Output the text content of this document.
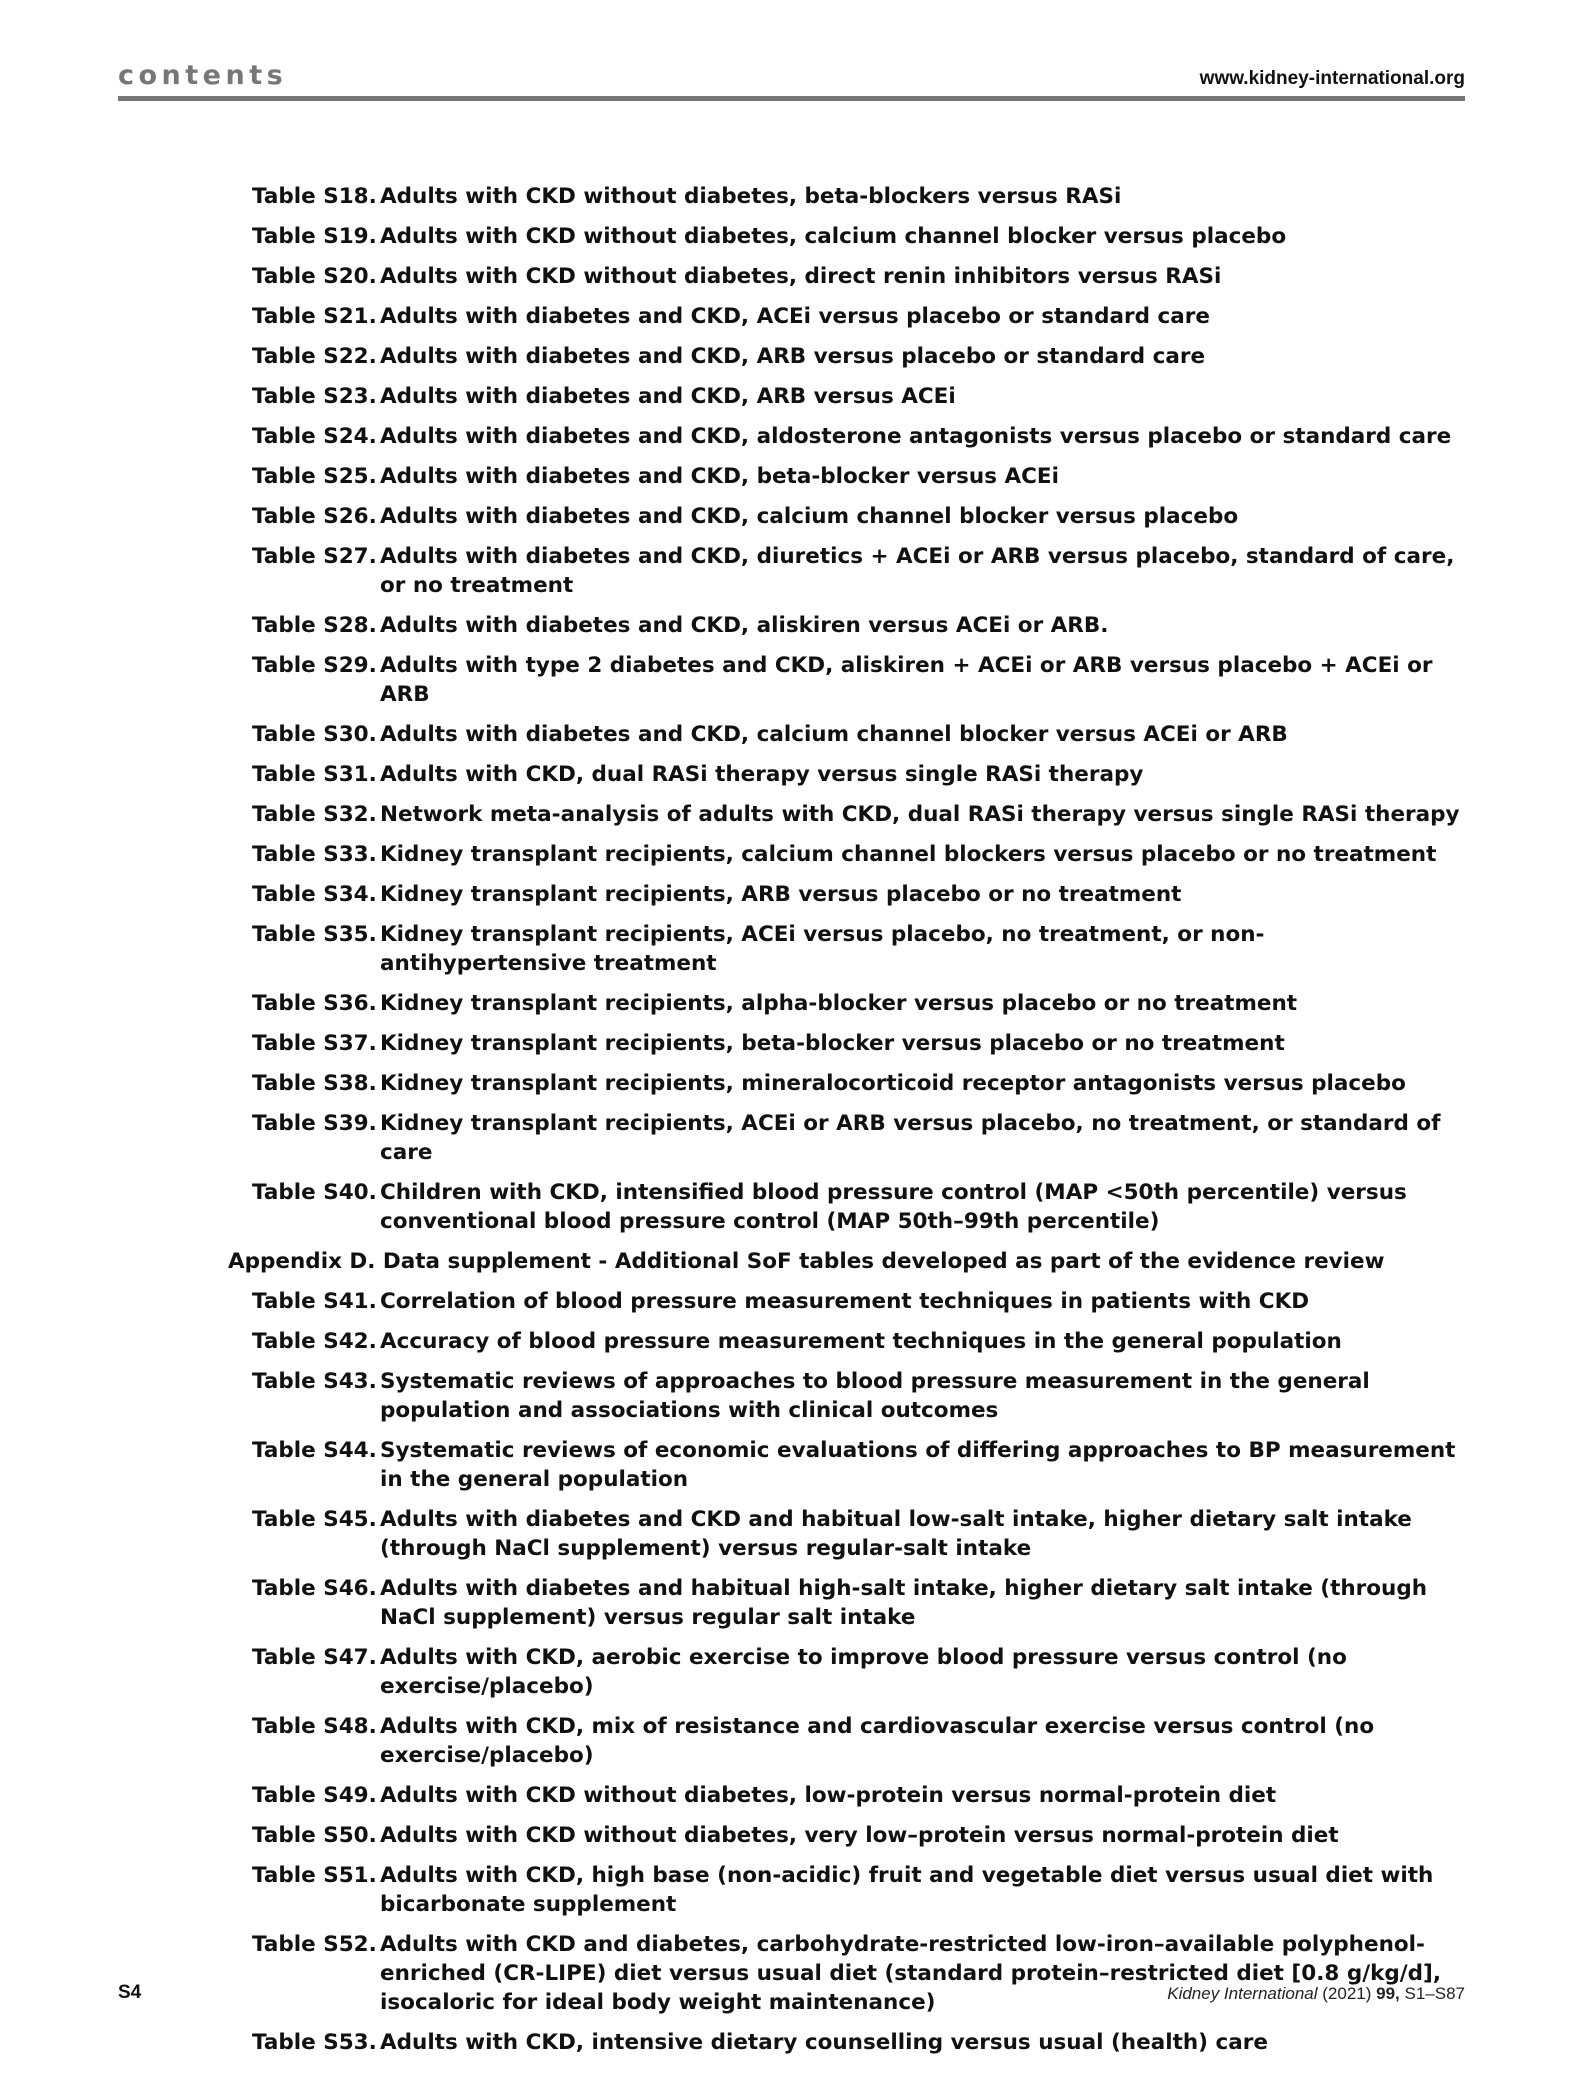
contents	www.kidney-international.org
Table S18. Adults with CKD without diabetes, beta-blockers versus RASi
Table S19. Adults with CKD without diabetes, calcium channel blocker versus placebo
Table S20. Adults with CKD without diabetes, direct renin inhibitors versus RASi
Table S21. Adults with diabetes and CKD, ACEi versus placebo or standard care
Table S22. Adults with diabetes and CKD, ARB versus placebo or standard care
Table S23. Adults with diabetes and CKD, ARB versus ACEi
Table S24. Adults with diabetes and CKD, aldosterone antagonists versus placebo or standard care
Table S25. Adults with diabetes and CKD, beta-blocker versus ACEi
Table S26. Adults with diabetes and CKD, calcium channel blocker versus placebo
Table S27. Adults with diabetes and CKD, diuretics + ACEi or ARB versus placebo, standard of care, or no treatment
Table S28. Adults with diabetes and CKD, aliskiren versus ACEi or ARB.
Table S29. Adults with type 2 diabetes and CKD, aliskiren + ACEi or ARB versus placebo + ACEi or ARB
Table S30. Adults with diabetes and CKD, calcium channel blocker versus ACEi or ARB
Table S31. Adults with CKD, dual RASi therapy versus single RASi therapy
Table S32. Network meta-analysis of adults with CKD, dual RASi therapy versus single RASi therapy
Table S33. Kidney transplant recipients, calcium channel blockers versus placebo or no treatment
Table S34. Kidney transplant recipients, ARB versus placebo or no treatment
Table S35. Kidney transplant recipients, ACEi versus placebo, no treatment, or non-antihypertensive treatment
Table S36. Kidney transplant recipients, alpha-blocker versus placebo or no treatment
Table S37. Kidney transplant recipients, beta-blocker versus placebo or no treatment
Table S38. Kidney transplant recipients, mineralocorticoid receptor antagonists versus placebo
Table S39. Kidney transplant recipients, ACEi or ARB versus placebo, no treatment, or standard of care
Table S40. Children with CKD, intensified blood pressure control (MAP <50th percentile) versus conventional blood pressure control (MAP 50th–99th percentile)
Appendix D. Data supplement - Additional SoF tables developed as part of the evidence review
Table S41. Correlation of blood pressure measurement techniques in patients with CKD
Table S42. Accuracy of blood pressure measurement techniques in the general population
Table S43. Systematic reviews of approaches to blood pressure measurement in the general population and associations with clinical outcomes
Table S44. Systematic reviews of economic evaluations of differing approaches to BP measurement in the general population
Table S45. Adults with diabetes and CKD and habitual low-salt intake, higher dietary salt intake (through NaCl supplement) versus regular-salt intake
Table S46. Adults with diabetes and habitual high-salt intake, higher dietary salt intake (through NaCl supplement) versus regular salt intake
Table S47. Adults with CKD, aerobic exercise to improve blood pressure versus control (no exercise/placebo)
Table S48. Adults with CKD, mix of resistance and cardiovascular exercise versus control (no exercise/placebo)
Table S49. Adults with CKD without diabetes, low-protein versus normal-protein diet
Table S50. Adults with CKD without diabetes, very low–protein versus normal-protein diet
Table S51. Adults with CKD, high base (non-acidic) fruit and vegetable diet versus usual diet with bicarbonate supplement
Table S52. Adults with CKD and diabetes, carbohydrate-restricted low-iron–available polyphenol-enriched (CR-LIPE) diet versus usual diet (standard protein–restricted diet [0.8 g/kg/d], isocaloric for ideal body weight maintenance)
Table S53. Adults with CKD, intensive dietary counselling versus usual (health) care
S4	Kidney International (2021) 99, S1–S87
